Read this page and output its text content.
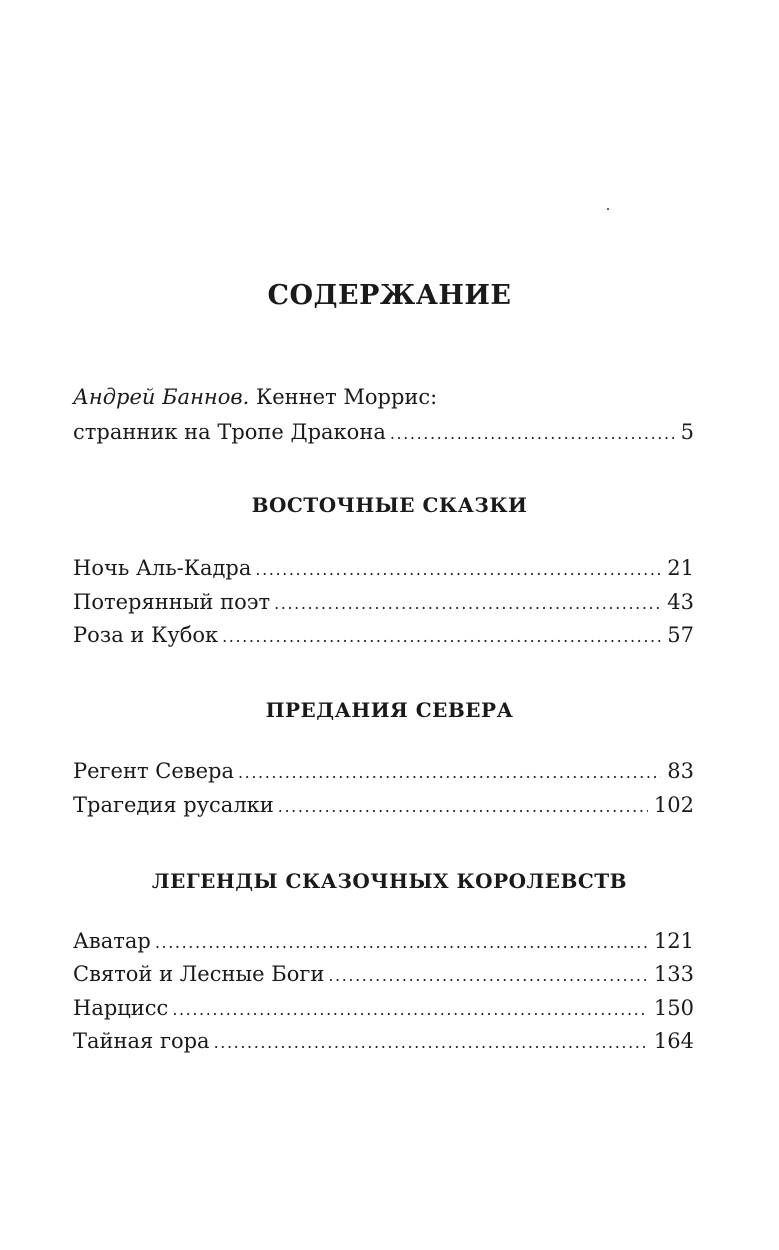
СОДЕРЖАНИЕ
Андрей Баннов. Кеннет Моррис:
странник на Тропе Дракона .....	5
ВОСТОЧНЫЕ СКАЗКИ
Ночь Аль-Кадра .....	21
Потерянный поэт .....	43
Роза и Кубок .....	57
ПРЕДАНИЯ СЕВЕРА
Регент Севера .....	83
Трагедия русалки .....	102
ЛЕГЕНДЫ СКАЗОЧНЫХ КОРОЛЕВСТВ
Аватар .....	121
Святой и Лесные Боги .....	133
Нарцисс .....	150
Тайная гора .....	164
